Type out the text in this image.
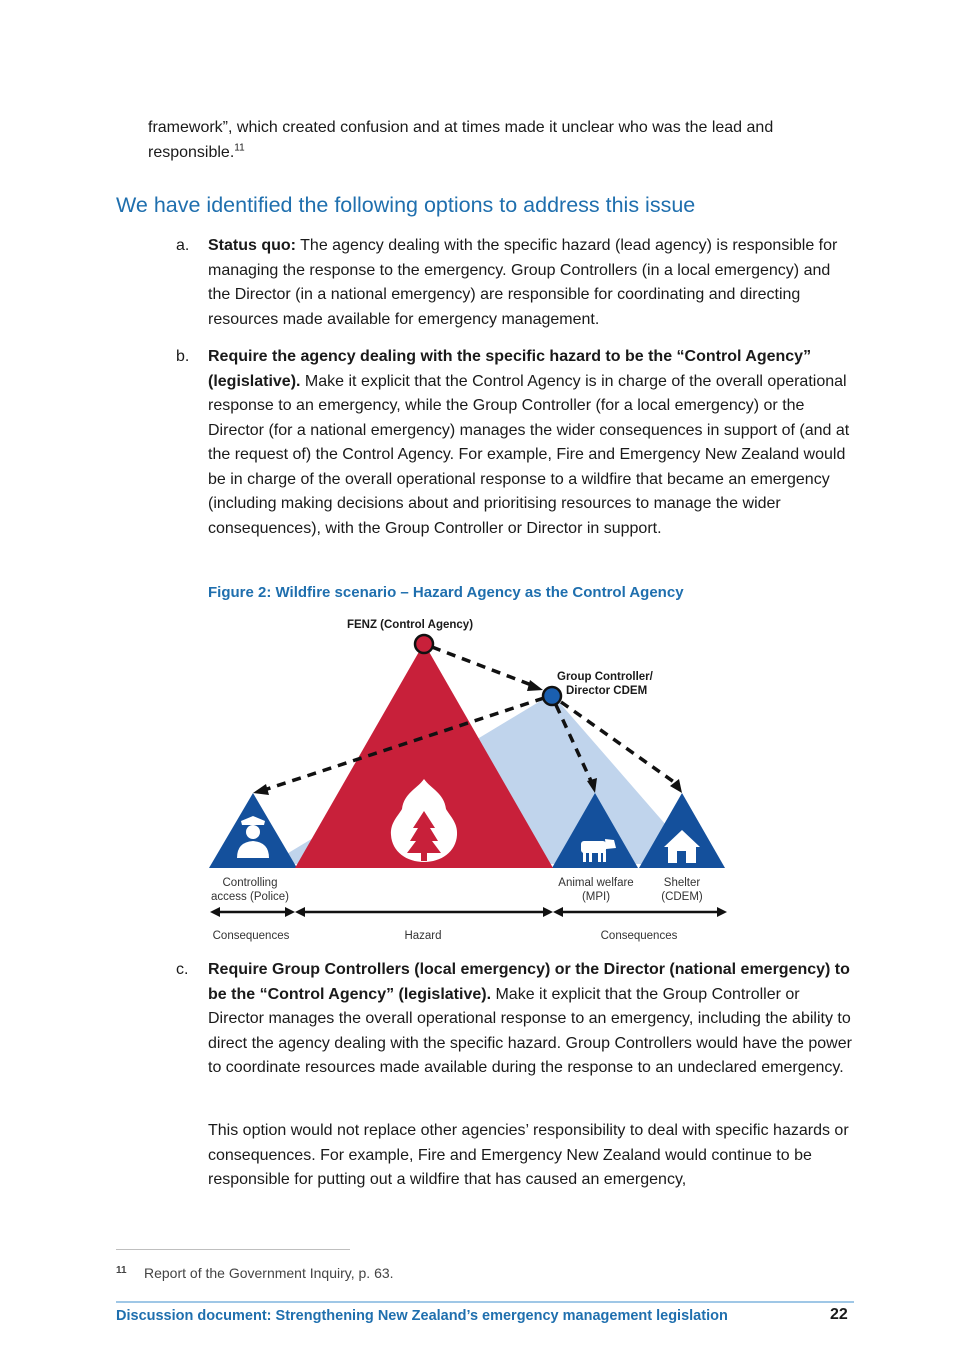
framework”, which created confusion and at times made it unclear who was the lead and responsible.$^{11}$

We have identified the following options to address this issue
a. Status quo: The agency dealing with the specific hazard (lead agency) is responsible for managing the response to the emergency. Group Controllers (in a local emergency) and the Director (in a national emergency) are responsible for coordinating and directing resources made available for emergency management.
b. Require the agency dealing with the specific hazard to be the “Control Agency” (legislative). Make it explicit that the Control Agency is in charge of the overall operational response to an emergency, while the Group Controller (for a local emergency) or the Director (for a national emergency) manages the wider consequences in support of (and at the request of) the Control Agency. For example, Fire and Emergency New Zealand would be in charge of the overall operational response to a wildfire that became an emergency (including making decisions about and prioritising resources to manage the wider consequences), with the Group Controller or Director in support.
Figure 2: Wildfire scenario – Hazard Agency as the Control Agency
FENZ (Control Agency)
Group Controller/
Director CDEM
Controlling
access (Police)
Animal welfare
(MPI)
Shelter
(CDEM)
Consequences	Hazard	Consequences
c. Require Group Controllers (local emergency) or the Director (national emergency) to be the “Control Agency” (legislative). Make it explicit that the Group Controller or Director manages the overall operational response to an emergency, including the ability to direct the agency dealing with the specific hazard. Group Controllers would have the power to coordinate resources made available during the response to an undeclared emergency.
This option would not replace other agencies’ responsibility to deal with specific hazards or consequences. For example, Fire and Emergency New Zealand would continue to be responsible for putting out a wildfire that has caused an emergency,
11 Report of the Government Inquiry, p. 63.
Discussion document: Strengthening New Zealand’s emergency management legislation	22
